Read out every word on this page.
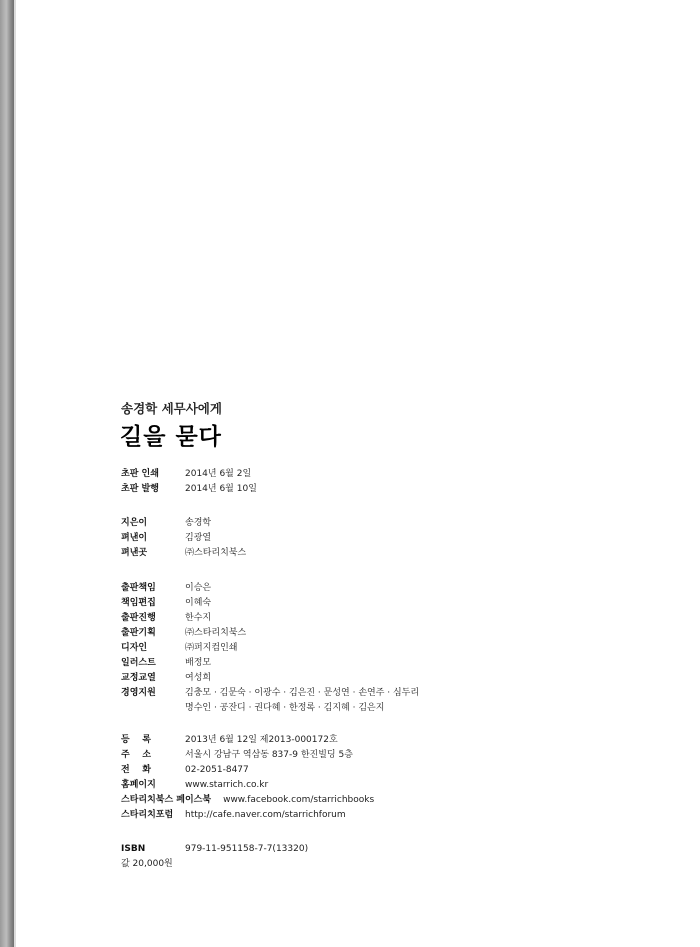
송경학 세무사에게
길을 묻다
초판 인쇄	2014년 6월 2일
초판 발행	2014년 6월 10일
지은이	송경학
펴낸이	김광열
펴낸곳	㈜스타리치북스
출판책임	이승은
책임편집	이혜숙
출판진행	한수지
출판기획	㈜스타리치북스
디자인	㈜퍼지컴인쇄
일러스트	배정모
교정교열	여성희
경영지원	김충모 · 김문숙 · 이광수 · 김은진 · 문성연 · 손연주 · 심두리
명수인 · 공잔디 · 권다혜 · 한정록 · 김지혜 · 김은지
등    록	2013년 6월 12일 제2013-000172호
주    소	서울시 강남구 역삼동 837-9 한진빌딩 5층
전    화	02-2051-8477
홈페이지	www.starrich.co.kr
스타리치북스 페이스북 www.facebook.com/starrichbooks
스타리치포럼 http://cafe.naver.com/starrichforum
ISBN	979-11-951158-7-7(13320)
값 20,000원
